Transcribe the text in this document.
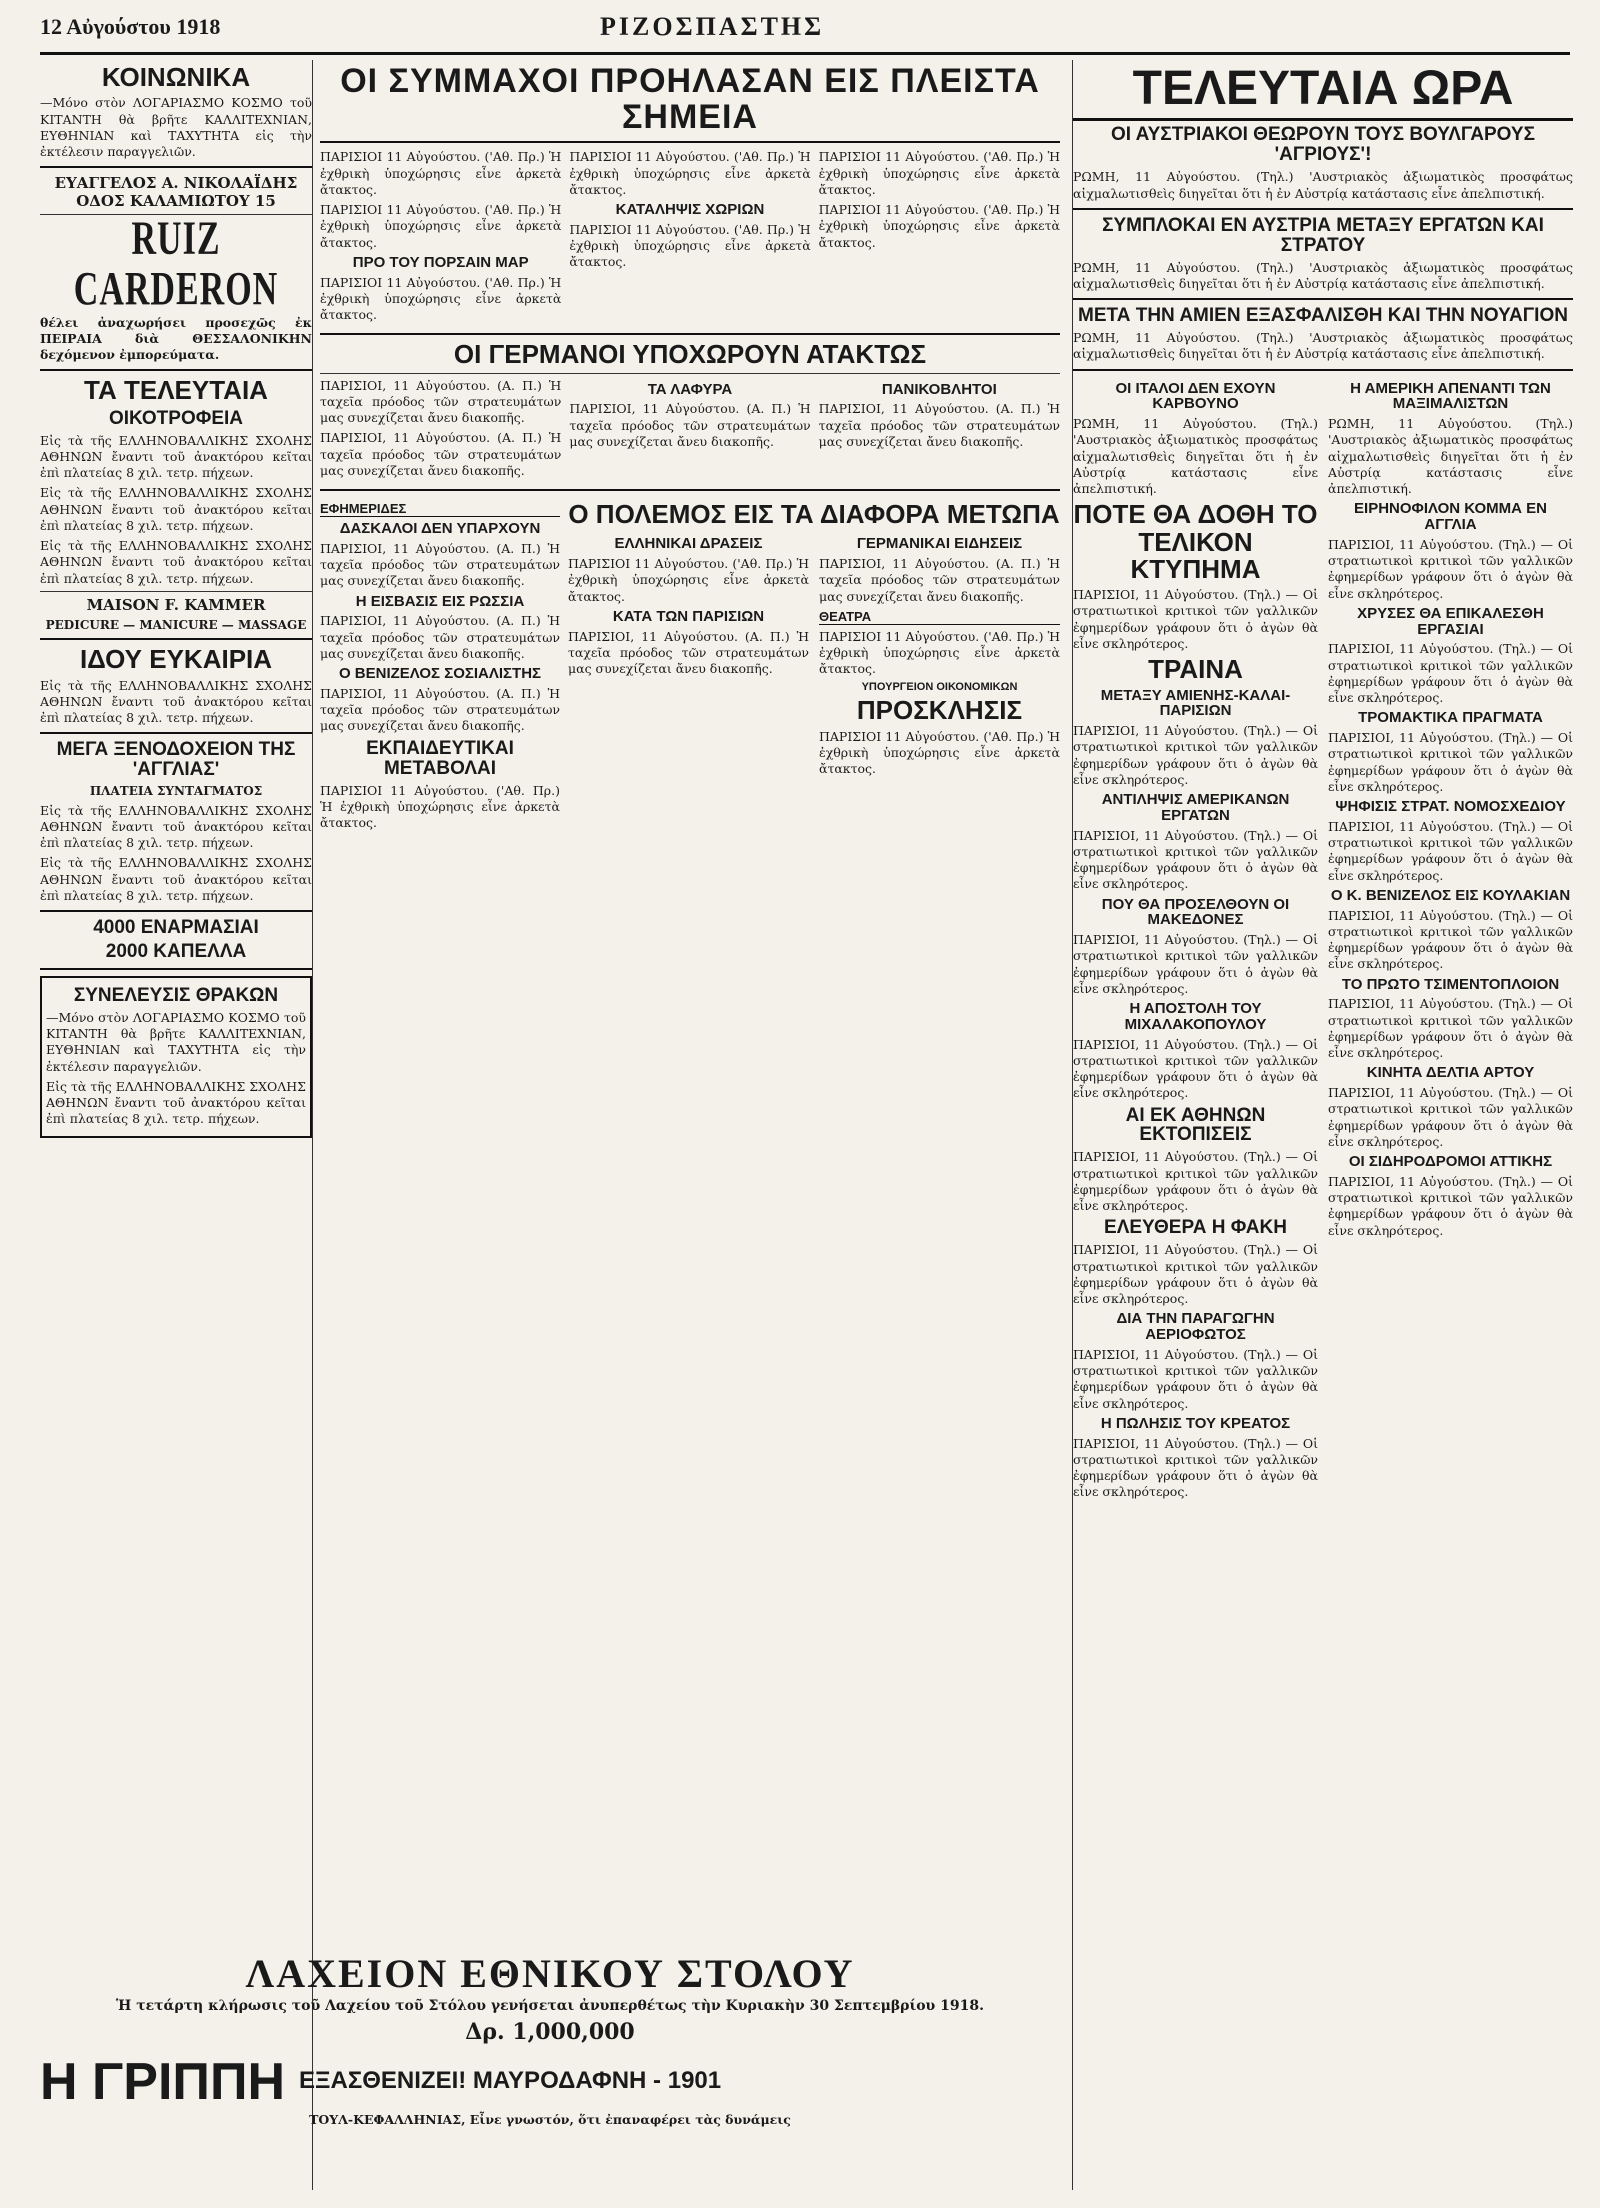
12 Αὐγούστου 1918	ΡΙΖΟΣΠΑΣΤΗΣ
ΚΟΙΝΩΝΙΚΑ

—Μόνο στὸν ΛΟΓΑΡΙΑΣΜΟ ΚΟΣΜΟ τοῦ ΚΙΤΑΝΤΗ θὰ βρῆτε ΚΑΛΛΙΤΕΧΝΙΑΝ, ΕΥΘΗΝΙΑΝ καὶ ΤΑΧΥΤΗΤΑ εἰς τὴν ἐκτέλεσιν παραγγελιῶν.

ΕΥΑΓΓΕΛΟΣ Α. ΝΙΚΟΛΑΪΔΗΣ ΟΔΟΣ ΚΑΛΑΜΙΩΤΟΥ 15
RUIZ CARDERON

θέλει ἀναχωρήσει προσεχῶς ἐκ ΠΕΙΡΑΙΑ διὰ ΘΕΣΣΑΛΟΝΙΚΗΝ δεχόμενον ἐμπορεύματα.

ΤΑ ΤΕΛΕΥΤΑΙΑ
ΟΙΚΟΤΡΟΦΕΙΑ

Εἰς τὰ τῆς ΕΛΛΗΝΟΒΑΛΛΙΚΗΣ ΣΧΟΛΗΣ ΑΘΗΝΩΝ ἔναντι τοῦ ἀνακτόρου κεῖται ἐπὶ πλατείας 8 χιλ. τετρ. πήχεων.

Εἰς τὰ τῆς ΕΛΛΗΝΟΒΑΛΛΙΚΗΣ ΣΧΟΛΗΣ ΑΘΗΝΩΝ ἔναντι τοῦ ἀνακτόρου κεῖται ἐπὶ πλατείας 8 χιλ. τετρ. πήχεων.

Εἰς τὰ τῆς ΕΛΛΗΝΟΒΑΛΛΙΚΗΣ ΣΧΟΛΗΣ ΑΘΗΝΩΝ ἔναντι τοῦ ἀνακτόρου κεῖται ἐπὶ πλατείας 8 χιλ. τετρ. πήχεων.

MAISON F. KAMMER
PEDICURE — MANICURE — MASSAGE
ΙΔΟΥ ΕΥΚΑΙΡΙΑ

Εἰς τὰ τῆς ΕΛΛΗΝΟΒΑΛΛΙΚΗΣ ΣΧΟΛΗΣ ΑΘΗΝΩΝ ἔναντι τοῦ ἀνακτόρου κεῖται ἐπὶ πλατείας 8 χιλ. τετρ. πήχεων.

ΜΕΓΑ ΞΕΝΟΔΟΧΕΙΟΝ ΤΗΣ 'ΑΓΓΛΙΑΣ'
ΠΛΑΤΕΙΑ ΣΥΝΤΑΓΜΑΤΟΣ

Εἰς τὰ τῆς ΕΛΛΗΝΟΒΑΛΛΙΚΗΣ ΣΧΟΛΗΣ ΑΘΗΝΩΝ ἔναντι τοῦ ἀνακτόρου κεῖται ἐπὶ πλατείας 8 χιλ. τετρ. πήχεων.

Εἰς τὰ τῆς ΕΛΛΗΝΟΒΑΛΛΙΚΗΣ ΣΧΟΛΗΣ ΑΘΗΝΩΝ ἔναντι τοῦ ἀνακτόρου κεῖται ἐπὶ πλατείας 8 χιλ. τετρ. πήχεων.

4000 ΕΝΑΡΜΑΣΙΑΙ
2000 ΚΑΠΕΛΛΑ
ΣΥΝΕΛΕΥΣΙΣ ΘΡΑΚΩΝ

—Μόνο στὸν ΛΟΓΑΡΙΑΣΜΟ ΚΟΣΜΟ τοῦ ΚΙΤΑΝΤΗ θὰ βρῆτε ΚΑΛΛΙΤΕΧΝΙΑΝ, ΕΥΘΗΝΙΑΝ καὶ ΤΑΧΥΤΗΤΑ εἰς τὴν ἐκτέλεσιν παραγγελιῶν.

Εἰς τὰ τῆς ΕΛΛΗΝΟΒΑΛΛΙΚΗΣ ΣΧΟΛΗΣ ΑΘΗΝΩΝ ἔναντι τοῦ ἀνακτόρου κεῖται ἐπὶ πλατείας 8 χιλ. τετρ. πήχεων.

ΟΙ ΣΥΜΜΑΧΟΙ ΠΡΟΗΛΑΣΑΝ ΕΙΣ ΠΛΕΙΣΤΑ ΣΗΜΕΙΑ

ΠΑΡΙΣΙΟΙ 11 Αὐγούστου. ('Αθ. Πρ.) Ἡ ἐχθρικὴ ὑποχώρησις εἶνε ἀρκετὰ ἄτακτος.

ΠΑΡΙΣΙΟΙ 11 Αὐγούστου. ('Αθ. Πρ.) Ἡ ἐχθρικὴ ὑποχώρησις εἶνε ἀρκετὰ ἄτακτος.

ΠΡΟ ΤΟΥ ΠΟΡΣΑΙΝ ΜΑΡ

ΠΑΡΙΣΙΟΙ 11 Αὐγούστου. ('Αθ. Πρ.) Ἡ ἐχθρικὴ ὑποχώρησις εἶνε ἀρκετὰ ἄτακτος.

ΠΑΡΙΣΙΟΙ 11 Αὐγούστου. ('Αθ. Πρ.) Ἡ ἐχθρικὴ ὑποχώρησις εἶνε ἀρκετὰ ἄτακτος.

ΚΑΤΑΛΗΨΙΣ ΧΩΡΙΩΝ

ΠΑΡΙΣΙΟΙ 11 Αὐγούστου. ('Αθ. Πρ.) Ἡ ἐχθρικὴ ὑποχώρησις εἶνε ἀρκετὰ ἄτακτος.

ΠΑΡΙΣΙΟΙ 11 Αὐγούστου. ('Αθ. Πρ.) Ἡ ἐχθρικὴ ὑποχώρησις εἶνε ἀρκετὰ ἄτακτος.

ΠΑΡΙΣΙΟΙ 11 Αὐγούστου. ('Αθ. Πρ.) Ἡ ἐχθρικὴ ὑποχώρησις εἶνε ἀρκετὰ ἄτακτος.

ΟΙ ΓΕΡΜΑΝΟΙ ΥΠΟΧΩΡΟΥΝ ΑΤΑΚΤΩΣ

ΠΑΡΙΣΙΟΙ, 11 Αὐγούστου. (Α. Π.) Ἡ ταχεῖα πρόοδος τῶν στρατευμάτων μας συνεχίζεται ἄνευ διακοπῆς.

ΠΑΡΙΣΙΟΙ, 11 Αὐγούστου. (Α. Π.) Ἡ ταχεῖα πρόοδος τῶν στρατευμάτων μας συνεχίζεται ἄνευ διακοπῆς.

ΤΑ ΛΑΦΥΡΑ

ΠΑΡΙΣΙΟΙ, 11 Αὐγούστου. (Α. Π.) Ἡ ταχεῖα πρόοδος τῶν στρατευμάτων μας συνεχίζεται ἄνευ διακοπῆς.

ΠΑΝΙΚΟΒΛΗΤΟΙ

ΠΑΡΙΣΙΟΙ, 11 Αὐγούστου. (Α. Π.) Ἡ ταχεῖα πρόοδος τῶν στρατευμάτων μας συνεχίζεται ἄνευ διακοπῆς.

ΕΦΗΜΕΡΙΔΕΣ
ΔΑΣΚΑΛΟΙ ΔΕΝ ΥΠΑΡΧΟΥΝ

ΠΑΡΙΣΙΟΙ, 11 Αὐγούστου. (Α. Π.) Ἡ ταχεῖα πρόοδος τῶν στρατευμάτων μας συνεχίζεται ἄνευ διακοπῆς.

Η ΕΙΣΒΑΣΙΣ ΕΙΣ ΡΩΣΣΙΑ

ΠΑΡΙΣΙΟΙ, 11 Αὐγούστου. (Α. Π.) Ἡ ταχεῖα πρόοδος τῶν στρατευμάτων μας συνεχίζεται ἄνευ διακοπῆς.

Ο ΒΕΝΙΖΕΛΟΣ ΣΟΣΙΑΛΙΣΤΗΣ

ΠΑΡΙΣΙΟΙ, 11 Αὐγούστου. (Α. Π.) Ἡ ταχεῖα πρόοδος τῶν στρατευμάτων μας συνεχίζεται ἄνευ διακοπῆς.

ΕΚΠΑΙΔΕΥΤΙΚΑΙ ΜΕΤΑΒΟΛΑΙ

ΠΑΡΙΣΙΟΙ 11 Αὐγούστου. ('Αθ. Πρ.) Ἡ ἐχθρικὴ ὑποχώρησις εἶνε ἀρκετὰ ἄτακτος.

Ο ΠΟΛΕΜΟΣ ΕΙΣ ΤΑ ΔΙΑΦΟΡΑ ΜΕΤΩΠΑ
ΕΛΛΗΝΙΚΑΙ ΔΡΑΣΕΙΣ

ΠΑΡΙΣΙΟΙ 11 Αὐγούστου. ('Αθ. Πρ.) Ἡ ἐχθρικὴ ὑποχώρησις εἶνε ἀρκετὰ ἄτακτος.

ΚΑΤΑ ΤΩΝ ΠΑΡΙΣΙΩΝ

ΠΑΡΙΣΙΟΙ, 11 Αὐγούστου. (Α. Π.) Ἡ ταχεῖα πρόοδος τῶν στρατευμάτων μας συνεχίζεται ἄνευ διακοπῆς.

ΓΕΡΜΑΝΙΚΑΙ ΕΙΔΗΣΕΙΣ

ΠΑΡΙΣΙΟΙ, 11 Αὐγούστου. (Α. Π.) Ἡ ταχεῖα πρόοδος τῶν στρατευμάτων μας συνεχίζεται ἄνευ διακοπῆς.

ΘΕΑΤΡΑ

ΠΑΡΙΣΙΟΙ 11 Αὐγούστου. ('Αθ. Πρ.) Ἡ ἐχθρικὴ ὑποχώρησις εἶνε ἀρκετὰ ἄτακτος.

ΥΠΟΥΡΓΕΙΟΝ ΟΙΚΟΝΟΜΙΚΩΝ
ΠΡΟΣΚΛΗΣΙΣ

ΠΑΡΙΣΙΟΙ 11 Αὐγούστου. ('Αθ. Πρ.) Ἡ ἐχθρικὴ ὑποχώρησις εἶνε ἀρκετὰ ἄτακτος.

ΛΑΧΕΙΟΝ ΕΘΝΙΚΟΥ ΣΤΟΛΟΥ

Ἡ τετάρτη κλήρωσις τοῦ Λαχείου τοῦ Στόλου γενήσεται ἀνυπερθέτως τὴν Κυριακὴν 30 Σεπτεμβρίου 1918.

Δρ. 1,000,000
Η ΓΡΙΠΠΗ ΕΞΑΣΘΕΝΙΖΕΙ! ΜΑΥΡΟΔΑΦΝΗ - 1901

ΤΟΥΛ-ΚΕΦΑΛΛΗΝΙΑΣ, Εἶνε γνωστόν, ὅτι ἐπαναφέρει τὰς δυνάμεις

ΤΕΛΕΥΤΑΙΑ ΩΡΑ
ΟΙ ΑΥΣΤΡΙΑΚΟΙ ΘΕΩΡΟΥΝ ΤΟΥΣ ΒΟΥΛΓΑΡΟΥΣ 'ΑΓΡΙΟΥΣ'!

ΡΩΜΗ, 11 Αὐγούστου. (Τηλ.) 'Αυστριακὸς ἀξιωματικὸς προσφάτως αἰχμαλωτισθεὶς διηγεῖται ὅτι ἡ ἐν Αὐστρίᾳ κατάστασις εἶνε ἀπελπιστική.

ΣΥΜΠΛΟΚΑΙ ΕΝ ΑΥΣΤΡΙΑ ΜΕΤΑΞΥ ΕΡΓΑΤΩΝ ΚΑΙ ΣΤΡΑΤΟΥ

ΡΩΜΗ, 11 Αὐγούστου. (Τηλ.) 'Αυστριακὸς ἀξιωματικὸς προσφάτως αἰχμαλωτισθεὶς διηγεῖται ὅτι ἡ ἐν Αὐστρίᾳ κατάστασις εἶνε ἀπελπιστική.

ΜΕΤΑ ΤΗΝ ΑΜΙΕΝ ΕΞΑΣΦΑΛΙΣΘΗ ΚΑΙ ΤΗΝ ΝΟΥΑΓΙΟΝ

ΡΩΜΗ, 11 Αὐγούστου. (Τηλ.) 'Αυστριακὸς ἀξιωματικὸς προσφάτως αἰχμαλωτισθεὶς διηγεῖται ὅτι ἡ ἐν Αὐστρίᾳ κατάστασις εἶνε ἀπελπιστική.

ΟΙ ΙΤΑΛΟΙ ΔΕΝ ΕΧΟΥΝ ΚΑΡΒΟΥΝΟ

ΡΩΜΗ, 11 Αὐγούστου. (Τηλ.) 'Αυστριακὸς ἀξιωματικὸς προσφάτως αἰχμαλωτισθεὶς διηγεῖται ὅτι ἡ ἐν Αὐστρίᾳ κατάστασις εἶνε ἀπελπιστική.

ΠΟΤΕ ΘΑ ΔΟΘΗ ΤΟ ΤΕΛΙΚΟΝ ΚΤΥΠΗΜΑ

ΠΑΡΙΣΙΟΙ, 11 Αὐγούστου. (Τηλ.) — Οἱ στρατιωτικοὶ κριτικοὶ τῶν γαλλικῶν ἐφημερίδων γράφουν ὅτι ὁ ἀγὼν θὰ εἶνε σκληρότερος.

ΤΡΑΙΝΑ
ΜΕΤΑΞΥ ΑΜΙΕΝΗΣ-ΚΑΛΑΙ-ΠΑΡΙΣΙΩΝ

ΠΑΡΙΣΙΟΙ, 11 Αὐγούστου. (Τηλ.) — Οἱ στρατιωτικοὶ κριτικοὶ τῶν γαλλικῶν ἐφημερίδων γράφουν ὅτι ὁ ἀγὼν θὰ εἶνε σκληρότερος.

ΑΝΤΙΛΗΨΙΣ ΑΜΕΡΙΚΑΝΩΝ ΕΡΓΑΤΩΝ

ΠΑΡΙΣΙΟΙ, 11 Αὐγούστου. (Τηλ.) — Οἱ στρατιωτικοὶ κριτικοὶ τῶν γαλλικῶν ἐφημερίδων γράφουν ὅτι ὁ ἀγὼν θὰ εἶνε σκληρότερος.

ΠΟΥ ΘΑ ΠΡΟΣΕΛΘΟΥΝ ΟΙ ΜΑΚΕΔΟΝΕΣ

ΠΑΡΙΣΙΟΙ, 11 Αὐγούστου. (Τηλ.) — Οἱ στρατιωτικοὶ κριτικοὶ τῶν γαλλικῶν ἐφημερίδων γράφουν ὅτι ὁ ἀγὼν θὰ εἶνε σκληρότερος.

Η ΑΠΟΣΤΟΛΗ ΤΟΥ ΜΙΧΑΛΑΚΟΠΟΥΛΟΥ

ΠΑΡΙΣΙΟΙ, 11 Αὐγούστου. (Τηλ.) — Οἱ στρατιωτικοὶ κριτικοὶ τῶν γαλλικῶν ἐφημερίδων γράφουν ὅτι ὁ ἀγὼν θὰ εἶνε σκληρότερος.

ΑΙ ΕΚ ΑΘΗΝΩΝ ΕΚΤΟΠΙΣΕΙΣ

ΠΑΡΙΣΙΟΙ, 11 Αὐγούστου. (Τηλ.) — Οἱ στρατιωτικοὶ κριτικοὶ τῶν γαλλικῶν ἐφημερίδων γράφουν ὅτι ὁ ἀγὼν θὰ εἶνε σκληρότερος.

ΕΛΕΥΘΕΡΑ Η ΦΑΚΗ

ΠΑΡΙΣΙΟΙ, 11 Αὐγούστου. (Τηλ.) — Οἱ στρατιωτικοὶ κριτικοὶ τῶν γαλλικῶν ἐφημερίδων γράφουν ὅτι ὁ ἀγὼν θὰ εἶνε σκληρότερος.

ΔΙΑ ΤΗΝ ΠΑΡΑΓΩΓΗΝ ΑΕΡΙΟΦΩΤΟΣ

ΠΑΡΙΣΙΟΙ, 11 Αὐγούστου. (Τηλ.) — Οἱ στρατιωτικοὶ κριτικοὶ τῶν γαλλικῶν ἐφημερίδων γράφουν ὅτι ὁ ἀγὼν θὰ εἶνε σκληρότερος.

Η ΠΩΛΗΣΙΣ ΤΟΥ ΚΡΕΑΤΟΣ

ΠΑΡΙΣΙΟΙ, 11 Αὐγούστου. (Τηλ.) — Οἱ στρατιωτικοὶ κριτικοὶ τῶν γαλλικῶν ἐφημερίδων γράφουν ὅτι ὁ ἀγὼν θὰ εἶνε σκληρότερος.

Η ΑΜΕΡΙΚΗ ΑΠΕΝΑΝΤΙ ΤΩΝ ΜΑΞΙΜΑΛΙΣΤΩΝ

ΡΩΜΗ, 11 Αὐγούστου. (Τηλ.) 'Αυστριακὸς ἀξιωματικὸς προσφάτως αἰχμαλωτισθεὶς διηγεῖται ὅτι ἡ ἐν Αὐστρίᾳ κατάστασις εἶνε ἀπελπιστική.

ΕΙΡΗΝΟΦΙΛΟΝ ΚΟΜΜΑ ΕΝ ΑΓΓΛΙΑ

ΠΑΡΙΣΙΟΙ, 11 Αὐγούστου. (Τηλ.) — Οἱ στρατιωτικοὶ κριτικοὶ τῶν γαλλικῶν ἐφημερίδων γράφουν ὅτι ὁ ἀγὼν θὰ εἶνε σκληρότερος.

ΧΡΥΣΕΣ ΘΑ ΕΠΙΚΑΛΕΣΘΗ ΕΡΓΑΣΙΑΙ

ΠΑΡΙΣΙΟΙ, 11 Αὐγούστου. (Τηλ.) — Οἱ στρατιωτικοὶ κριτικοὶ τῶν γαλλικῶν ἐφημερίδων γράφουν ὅτι ὁ ἀγὼν θὰ εἶνε σκληρότερος.

ΤΡΟΜΑΚΤΙΚΑ ΠΡΑΓΜΑΤΑ

ΠΑΡΙΣΙΟΙ, 11 Αὐγούστου. (Τηλ.) — Οἱ στρατιωτικοὶ κριτικοὶ τῶν γαλλικῶν ἐφημερίδων γράφουν ὅτι ὁ ἀγὼν θὰ εἶνε σκληρότερος.

ΨΗΦΙΣΙΣ ΣΤΡΑΤ. ΝΟΜΟΣΧΕΔΙΟΥ

ΠΑΡΙΣΙΟΙ, 11 Αὐγούστου. (Τηλ.) — Οἱ στρατιωτικοὶ κριτικοὶ τῶν γαλλικῶν ἐφημερίδων γράφουν ὅτι ὁ ἀγὼν θὰ εἶνε σκληρότερος.

Ο Κ. ΒΕΝΙΖΕΛΟΣ ΕΙΣ ΚΟΥΛΑΚΙΑΝ

ΠΑΡΙΣΙΟΙ, 11 Αὐγούστου. (Τηλ.) — Οἱ στρατιωτικοὶ κριτικοὶ τῶν γαλλικῶν ἐφημερίδων γράφουν ὅτι ὁ ἀγὼν θὰ εἶνε σκληρότερος.

ΤΟ ΠΡΩΤΟ ΤΣΙΜΕΝΤΟΠΛΟΙΟΝ

ΠΑΡΙΣΙΟΙ, 11 Αὐγούστου. (Τηλ.) — Οἱ στρατιωτικοὶ κριτικοὶ τῶν γαλλικῶν ἐφημερίδων γράφουν ὅτι ὁ ἀγὼν θὰ εἶνε σκληρότερος.

ΚΙΝΗΤΑ ΔΕΛΤΙΑ ΑΡΤΟΥ

ΠΑΡΙΣΙΟΙ, 11 Αὐγούστου. (Τηλ.) — Οἱ στρατιωτικοὶ κριτικοὶ τῶν γαλλικῶν ἐφημερίδων γράφουν ὅτι ὁ ἀγὼν θὰ εἶνε σκληρότερος.

ΟΙ ΣΙΔΗΡΟΔΡΟΜΟΙ ΑΤΤΙΚΗΣ

ΠΑΡΙΣΙΟΙ, 11 Αὐγούστου. (Τηλ.) — Οἱ στρατιωτικοὶ κριτικοὶ τῶν γαλλικῶν ἐφημερίδων γράφουν ὅτι ὁ ἀγὼν θὰ εἶνε σκληρότερος.
